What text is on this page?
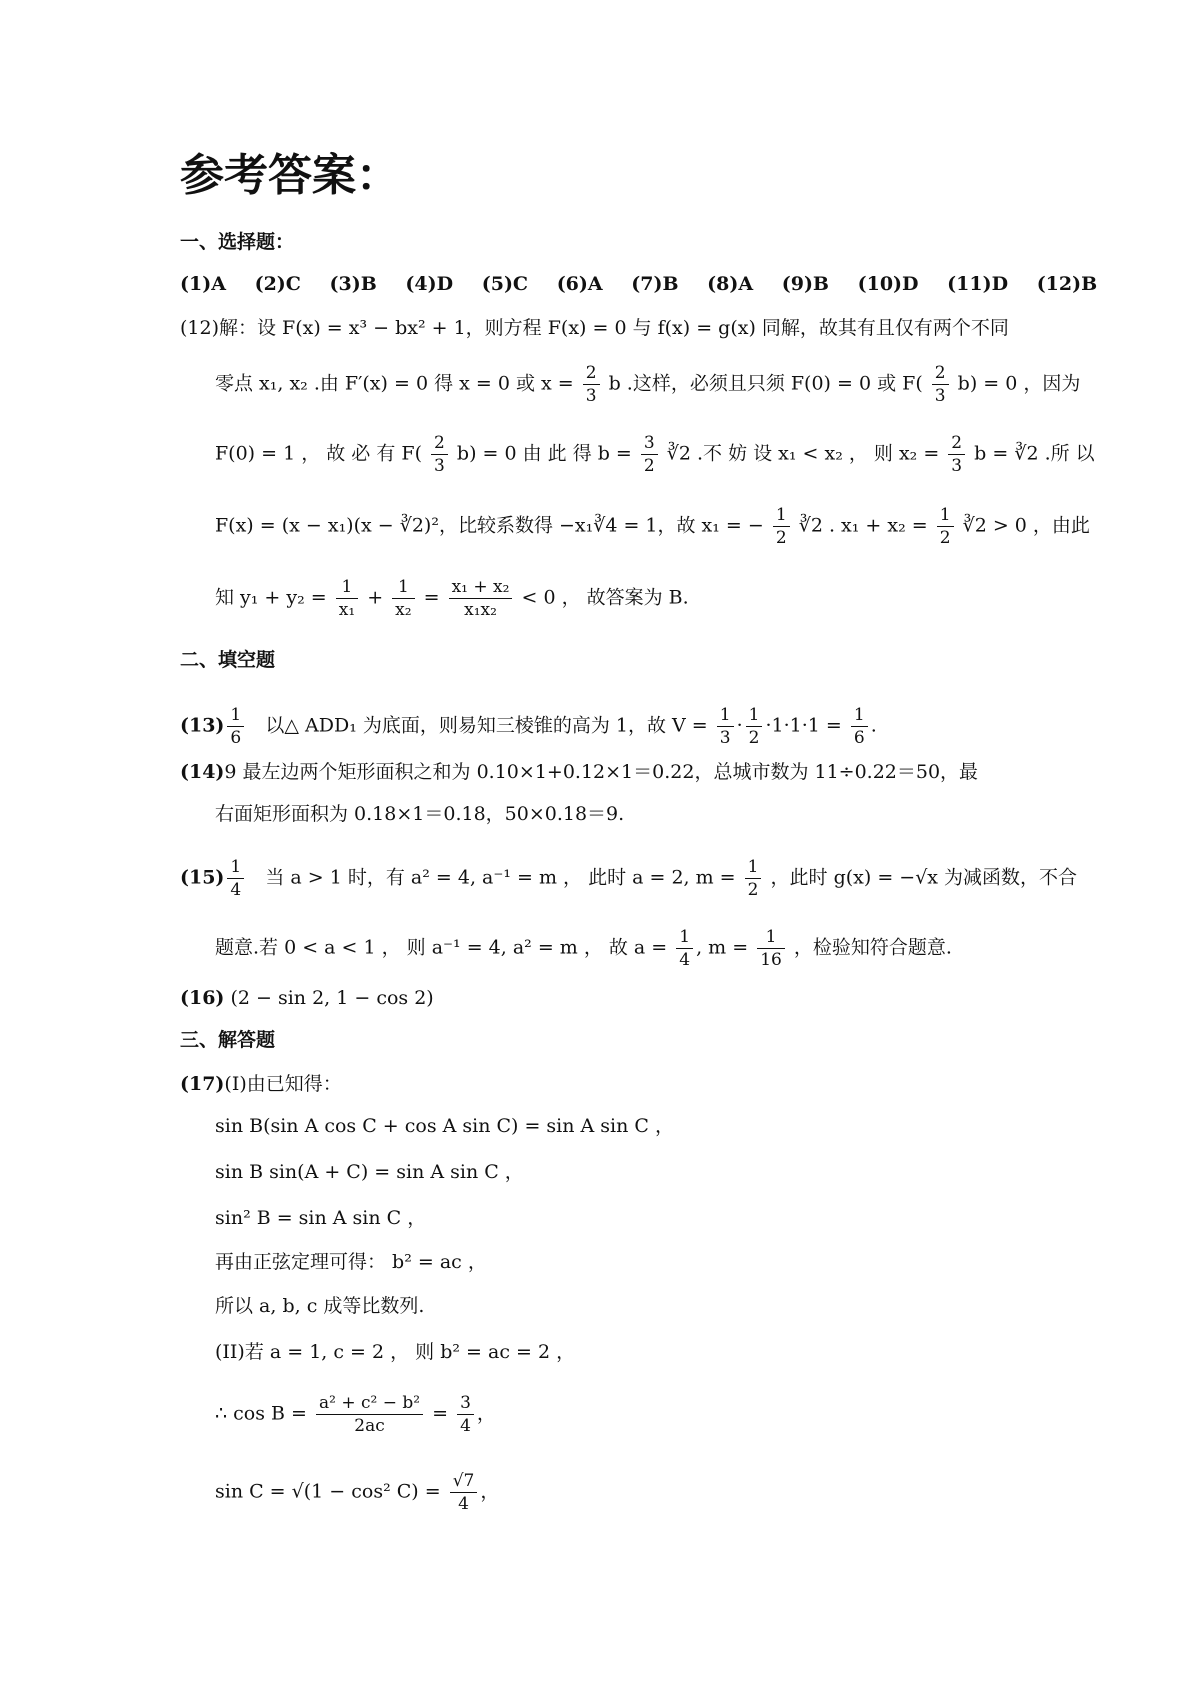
参考答案：
一、选择题：
(1)A (2)C (3)B (4)D (5)C (6)A (7)B (8)A (9)B (10)D (11)D (12)B
(12)解：设 F(x) = x³ − bx² + 1，则方程 F(x) = 0 与 f(x) = g(x) 同解，故其有且仅有两个不同
零点 x₁, x₂ .由 F′(x) = 0 得 x = 0 或 $x = \frac{2}{3}$ b .这样，必须且只须 F(0) = 0 或 $F( \frac{2}{3} b) = 0$ ，因为
F(0) = 1 ， 故 必 有 $F( \frac{2}{3} b) = 0$ 由 此 得 $b = \frac{3}{2}$ ∛2 .不 妨 设 x₁ < x₂ ， 则 $x_2 = \frac{2}{3}$ b = ∛2 .所 以
F(x) = (x − x₁)(x − ∛2)²，比较系数得 −x₁∛4 = 1，故 x₁ = − $\frac{1}{2}$ ∛2 . $x_1 + x_2 = \frac{1}{2}$ ∛2 > 0 ，由此
知 $y_1 + y_2 = \frac{1}{\text{x₁}} + \frac{1}{\text{x₂}} = \frac{\text{x₁ + x₂}}{\text{x₁x₂}} < 0$ ， 故答案为 B.
二、填空题
$(13) \frac{1}{6}$ 以△ ADD₁ 为底面，则易知三棱锥的高为 1，故 $V = \frac{1}{3} \cdot \frac{1}{2} \cdot 1\cdot 1\cdot 1 = \frac{1}{6}$ .
(14)9 最左边两个矩形面积之和为 0.10×1+0.12×1＝0.22，总城市数为 11÷0.22＝50，最
右面矩形面积为 0.18×1＝0.18，50×0.18＝9.
$(15) \frac{1}{4}$ 当 a > 1 时，有 a² = 4, a⁻¹ = m ， 此时 a = 2, $m = \frac{1}{2}$ ，此时 g(x) = −√x 为减函数，不合
题意.若 0 < a < 1 ， 则 a⁻¹ = 4, a² = m ， 故 $a = \frac{1}{4}$ , $m = \frac{1}{16}$ ，检验知符合题意.
(16) (2 − sin 2, 1 − cos 2)
三、解答题
(17)(I)由已知得：
sin B(sin A cos C + cos A sin C) = sin A sin C ，
sin B sin(A + C) = sin A sin C ，
sin² B = sin A sin C ，
再由正弦定理可得： b² = ac ，
所以 a, b, c 成等比数列.
(II)若 a = 1, c = 2 ， 则 b² = ac = 2 ，
∴ $\cos B = \frac{\text{a² + c² − b²}}{2ac} = \frac{3}{4}$ ，
sin C = √(1 − cos² $C) = \frac{√7}{4}$ ，
